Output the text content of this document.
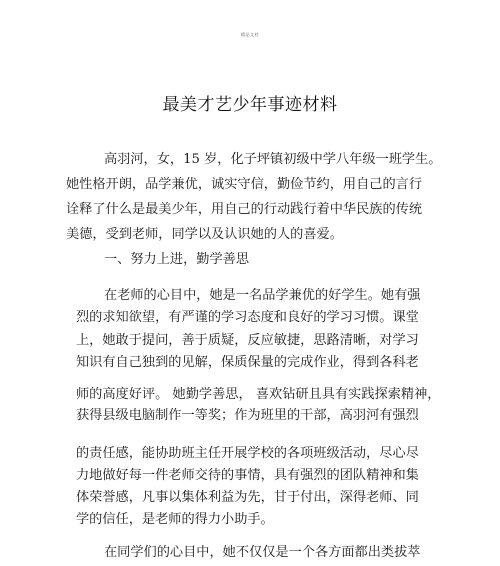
精品文档
最美才艺少年事迹材料
高羽河，女，15 岁，化子坪镇初级中学八年级一班学生。
她性格开朗，品学兼优，诚实守信，勤俭节约，用自己的言行
诠释了什么是最美少年，用自己的行动践行着中华民族的传统
美德，受到老师，同学以及认识她的人的喜爱。
一、努力上进，勤学善思
在老师的心目中，她是一名品学兼优的好学生。她有强
烈的求知欲望，有严谨的学习态度和良好的学习习惯。课堂
上，她敢于提问，善于质疑，反应敏捷，思路清晰，对学习
知识有自己独到的见解，保质保量的完成作业，得到各科老
师的高度好评。 她勤学善思， 喜欢钻研且具有实践探索精神，
获得县级电脑制作一等奖；作为班里的干部，高羽河有强烈
的责任感，能协助班主任开展学校的各项班级活动，尽心尽
力地做好每一件老师交待的事情，具有强烈的团队精神和集
体荣誉感，凡事以集体利益为先，甘于付出，深得老师、同
学的信任，是老师的得力小助手。
在同学们的心目中，她不仅仅是一个各方面都出类拔萃
